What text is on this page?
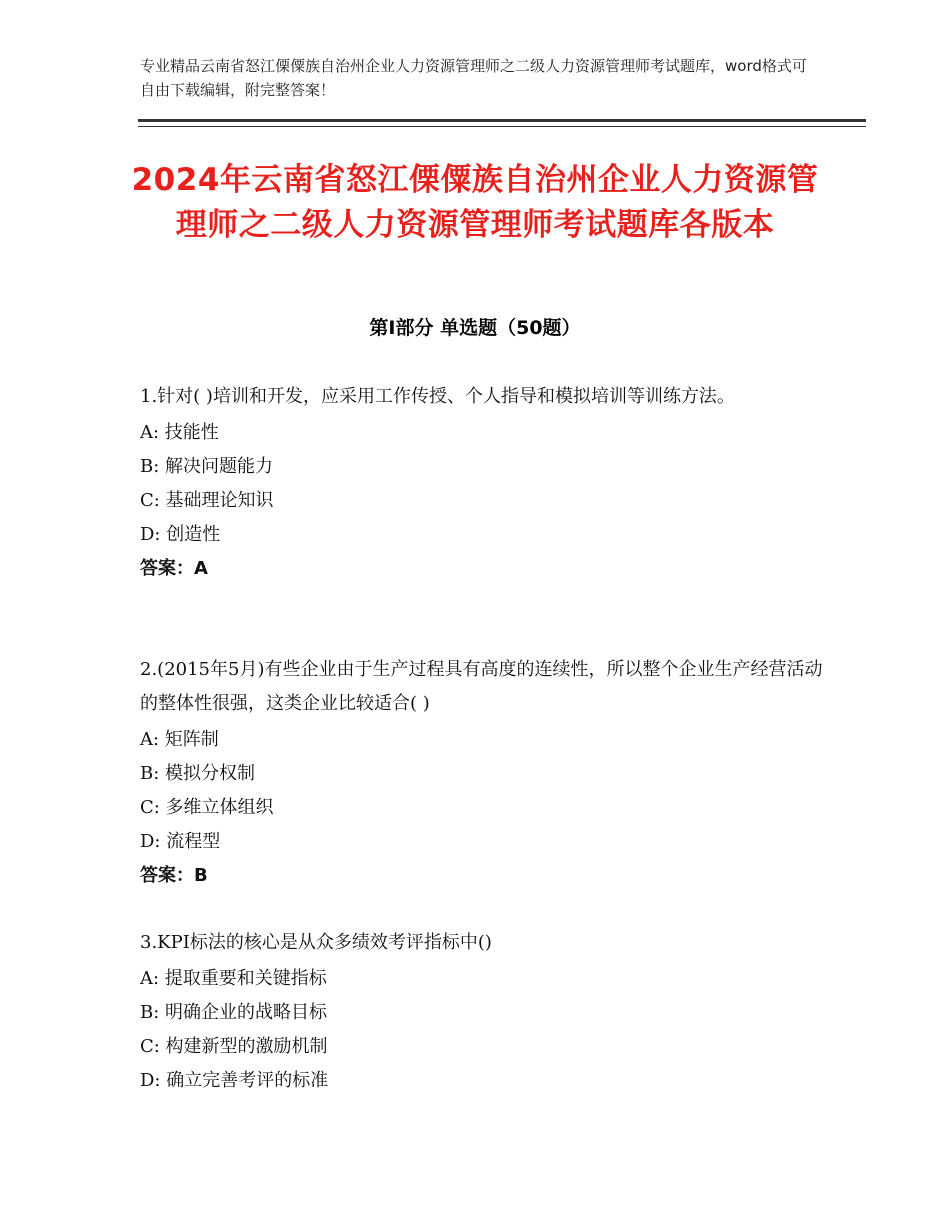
专业精品云南省怒江傈僳族自治州企业人力资源管理师之二级人力资源管理师考试题库，word格式可自由下载编辑，附完整答案！
2024年云南省怒江傈僳族自治州企业人力资源管理师之二级人力资源管理师考试题库各版本
第Ⅰ部分 单选题（50题）
1.针对( )培训和开发，应采用工作传授、个人指导和模拟培训等训练方法。
A: 技能性
B: 解决问题能力
C: 基础理论知识
D: 创造性
答案：A
2.(2015年5月)有些企业由于生产过程具有高度的连续性，所以整个企业生产经营活动的整体性很强，这类企业比较适合( )
A: 矩阵制
B: 模拟分权制
C: 多维立体组织
D: 流程型
答案：B
3.KPI标法的核心是从众多绩效考评指标中()
A: 提取重要和关键指标
B: 明确企业的战略目标
C: 构建新型的激励机制
D: 确立完善考评的标准
